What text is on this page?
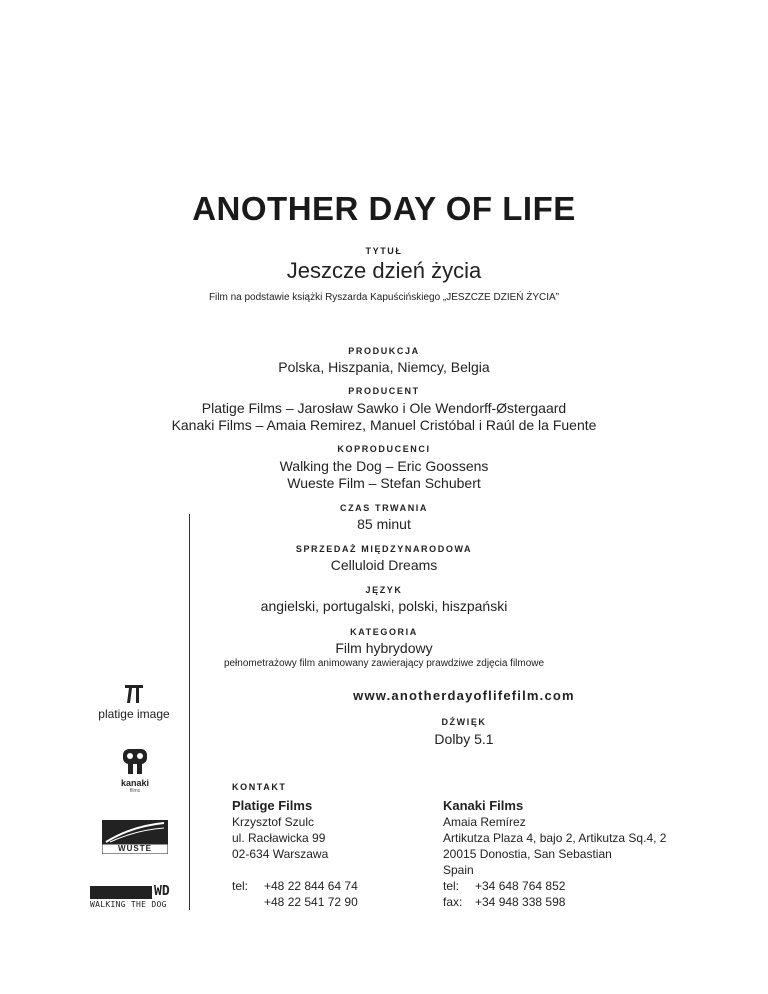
ANOTHER DAY OF LIFE
TYTUŁ
Jeszcze dzień życia
Film na podstawie książki Ryszarda Kapuścińskiego „JESZCZE DZIEŃ ŻYCIA”
PRODUKCJA
Polska, Hiszpania, Niemcy, Belgia
PRODUCENT
Platige Films – Jarosław Sawko i Ole Wendorff-Østergaard
Kanaki Films – Amaia Remirez, Manuel Cristóbal i Raúl de la Fuente
KOPRODUCENCI
Walking the Dog – Eric Goossens
Wueste Film – Stefan Schubert
CZAS TRWANIA
85 minut
SPRZEDAŻ MIĘDZYNARODOWA
Celluloid Dreams
JĘZYK
angielski, portugalski, polski, hiszpański
KATEGORIA
Film hybrydowy
pełnometrażowy film animowany zawierający prawdziwe zdjęcia filmowe
www.anotherdayoflifefilm.com
DŹWIĘK
Dolby 5.1
platige image
kanaki
films
WÜSTE
WD
WALKING THE DOG
KONTAKT
Platige Films
Krzysztof Szulc
ul. Racławicka 99
02-634 Warszawa
tel:	+48 22 844 64 74
+48 22 541 72 90
Kanaki Films
Amaia Remírez
Artikutza Plaza 4, bajo 2, Artikutza Sq.4, 2
20015 Donostia, San Sebastian
Spain
tel:	+34 648 764 852
fax:	+34 948 338 598
